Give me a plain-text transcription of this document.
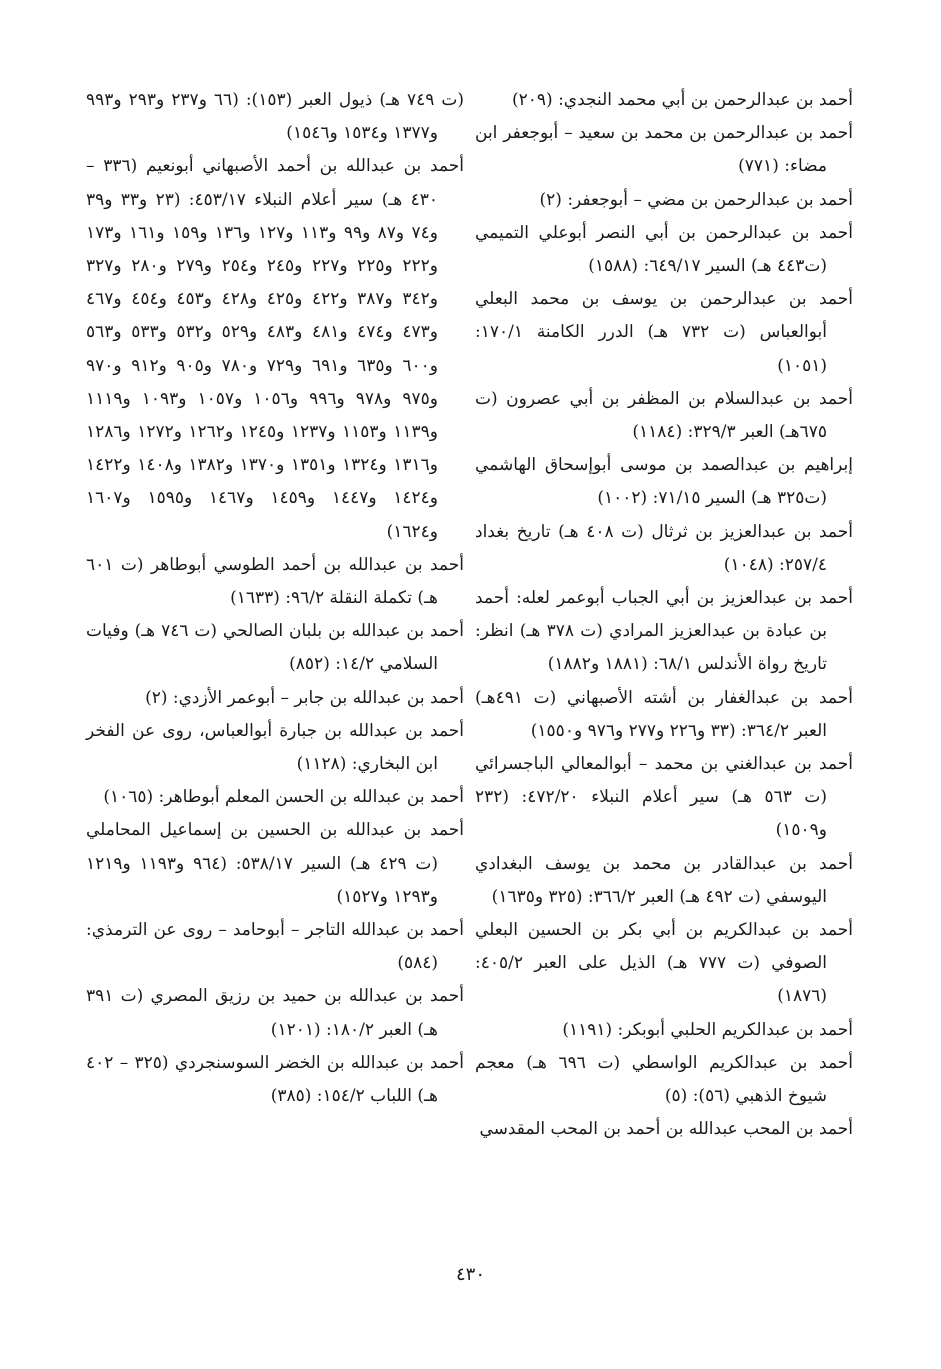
أحمد بن عبدالرحمن بن أبي محمد النجدي: (٢٠٩)

أحمد بن عبدالرحمن بن محمد بن سعيد – أبوجعفر ابن مضاء: (٧٧١)

أحمد بن عبدالرحمن بن مضي – أبوجعفر: (٢)

أحمد بن عبدالرحمن بن أبي النصر أبوعلي التميمي (ت٤٤٣ هـ) السير ٦٤٩/١٧: (١٥٨٨)

أحمد بن عبدالرحمن بن يوسف بن محمد البعلي أبوالعباس (ت ٧٣٢ هـ) الدرر الكامنة ١٧٠/١: (١٠٥١)

أحمد بن عبدالسلام بن المظفر بن أبي عصرون (ت ٦٧٥هـ) العبر ٣٢٩/٣: (١١٨٤)

إبراهيم بن عبدالصمد بن موسى أبوإسحاق الهاشمي (ت٣٢٥ هـ) السير ٧١/١٥: (١٠٠٢)

أحمد بن عبدالعزيز بن ثرثال (ت ٤٠٨ هـ) تاريخ بغداد ٢٥٧/٤: (١٠٤٨)

أحمد بن عبدالعزيز بن أبي الجباب أبوعمر لعله: أحمد بن عبادة بن عبدالعزيز المرادي (ت ٣٧٨ هـ) انظر: تاريخ رواة الأندلس ٦٨/١: (١٨٨١ و١٨٨٢)

أحمد بن عبدالغفار بن أشته الأصبهاني (ت ٤٩١هـ) العبر ٣٦٤/٢: (٣٣ و٢٢٦ و٢٧٧ و٩٧٦ و١٥٥٠)

أحمد بن عبدالغني بن محمد – أبوالمعالي الباجسرائي (ت ٥٦٣ هـ) سير أعلام النبلاء ٤٧٢/٢٠: (٢٣٢ و١٥٠٩)

أحمد بن عبدالقادر بن محمد بن يوسف البغدادي اليوسفي (ت ٤٩٢ هـ) العبر ٣٦٦/٢: (٣٢٥ و١٦٣٥)

أحمد بن عبدالكريم بن أبي بكر بن الحسين البعلي الصوفي (ت ٧٧٧ هـ) الذيل على العبر ٤٠٥/٢: (١٨٧٦)

أحمد بن عبدالكريم الحلبي أبوبكر: (١١٩١)

أحمد بن عبدالكريم الواسطي (ت ٦٩٦ هـ) معجم شيوخ الذهبي (٥٦): (٥)

أحمد بن المحب عبدالله بن أحمد بن المحب المقدسي

(ت ٧٤٩ هـ) ذيول العبر (١٥٣): (٦٦ و٢٣٧ و٢٩٣ و٩٩٣ و١٣٧٧ و١٥٣٤ و١٥٤٦)

أحمد بن عبدالله بن أحمد الأصبهاني أبونعيم (٣٣٦ –٤٣٠ هـ) سير أعلام النبلاء ٤٥٣/١٧: (٢٣ و٣٣ و٣٩ و٧٤ و٨٧ و٩٩ و١١٣ و١٢٧ و١٣٦ و١٥٩ و١٦١ و١٧٣ و٢٢٢ و٢٢٥ و٢٢٧ و٢٤٥ و٢٥٤ و٢٧٩ و٢٨٠ و٣٢٧ و٣٤٢ و٣٨٧ و٤٢٢ و٤٢٥ و٤٢٨ و٤٥٣ و٤٥٤ و٤٦٧ و٤٧٣ و٤٧٤ و٤٨١ و٤٨٣ و٥٢٩ و٥٣٢ و٥٣٣ و٥٦٣ و٦٠٠ و٦٣٥ و٦٩١ و٧٢٩ و٧٨٠ و٩٠٥ و٩١٢ و٩٧٠ و٩٧٥ و٩٧٨ و٩٩٦ و١٠٥٦ و١٠٥٧ و١٠٩٣ و١١١٩ و١١٣٩ و١١٥٣ و١٢٣٧ و١٢٤٥ و١٢٦٢ و١٢٧٢ و١٢٨٦ و١٣١٦ و١٣٢٤ و١٣٥١ و١٣٧٠ و١٣٨٢ و١٤٠٨ و١٤٢٢ و١٤٢٤ و١٤٤٧ و١٤٥٩ و١٤٦٧ و١٥٩٥ و١٦٠٧ و١٦٢٤)

أحمد بن عبدالله بن أحمد الطوسي أبوطاهر (ت ٦٠١ هـ) تكملة النقلة ٩٦/٢: (١٦٣٣)

أحمد بن عبدالله بن بلبان الصالحي (ت ٧٤٦ هـ) وفيات السلامي ١٤/٢: (٨٥٢)

أحمد بن عبدالله بن جابر – أبوعمر الأزدي: (٢)

أحمد بن عبدالله بن جبارة أبوالعباس، روى عن الفخر ابن البخاري: (١١٢٨)

أحمد بن عبدالله بن الحسن المعلم أبوطاهر: (١٠٦٥)

أحمد بن عبدالله بن الحسين بن إسماعيل المحاملي (ت ٤٢٩ هـ) السير ٥٣٨/١٧: (٩٦٤ و١١٩٣ و١٢١٩ و١٢٩٣ و١٥٢٧)

أحمد بن عبدالله التاجر – أبوحامد – روى عن الترمذي: (٥٨٤)

أحمد بن عبدالله بن حميد بن رزيق المصري (ت ٣٩١ هـ) العبر ١٨٠/٢: (١٢٠١)

أحمد بن عبدالله بن الخضر السوسنجردي (٣٢٥ – ٤٠٢ هـ) اللباب ١٥٤/٢: (٣٨٥)

٤٣٠
